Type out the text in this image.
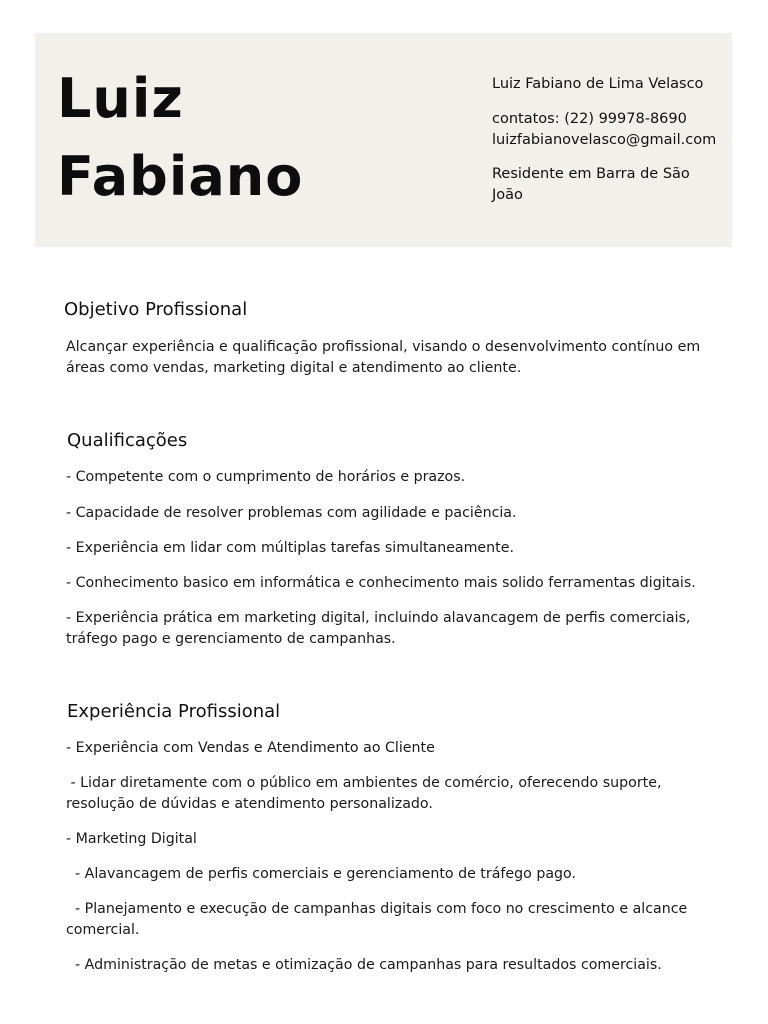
Luiz
Fabiano
Luiz Fabiano de Lima Velasco
contatos: (22) 99978-8690
luizfabianovelasco@gmail.com
Residente em Barra de São João
Objetivo Profissional
Alcançar experiência e qualificação profissional, visando o desenvolvimento contínuo em áreas como vendas, marketing digital e atendimento ao cliente.
Qualificações
- Competente com o cumprimento de horários e prazos.
- Capacidade de resolver problemas com agilidade e paciência.
- Experiência em lidar com múltiplas tarefas simultaneamente.
- Conhecimento basico em informática e conhecimento mais solido ferramentas digitais.
- Experiência prática em marketing digital, incluindo alavancagem de perfis comerciais, tráfego pago e gerenciamento de campanhas.
Experiência Profissional
- Experiência com Vendas e Atendimento ao Cliente
- Lidar diretamente com o público em ambientes de comércio, oferecendo suporte, resolução de dúvidas e atendimento personalizado.
- Marketing Digital
- Alavancagem de perfis comerciais e gerenciamento de tráfego pago.
- Planejamento e execução de campanhas digitais com foco no crescimento e alcance comercial.
- Administração de metas e otimização de campanhas para resultados comerciais.
